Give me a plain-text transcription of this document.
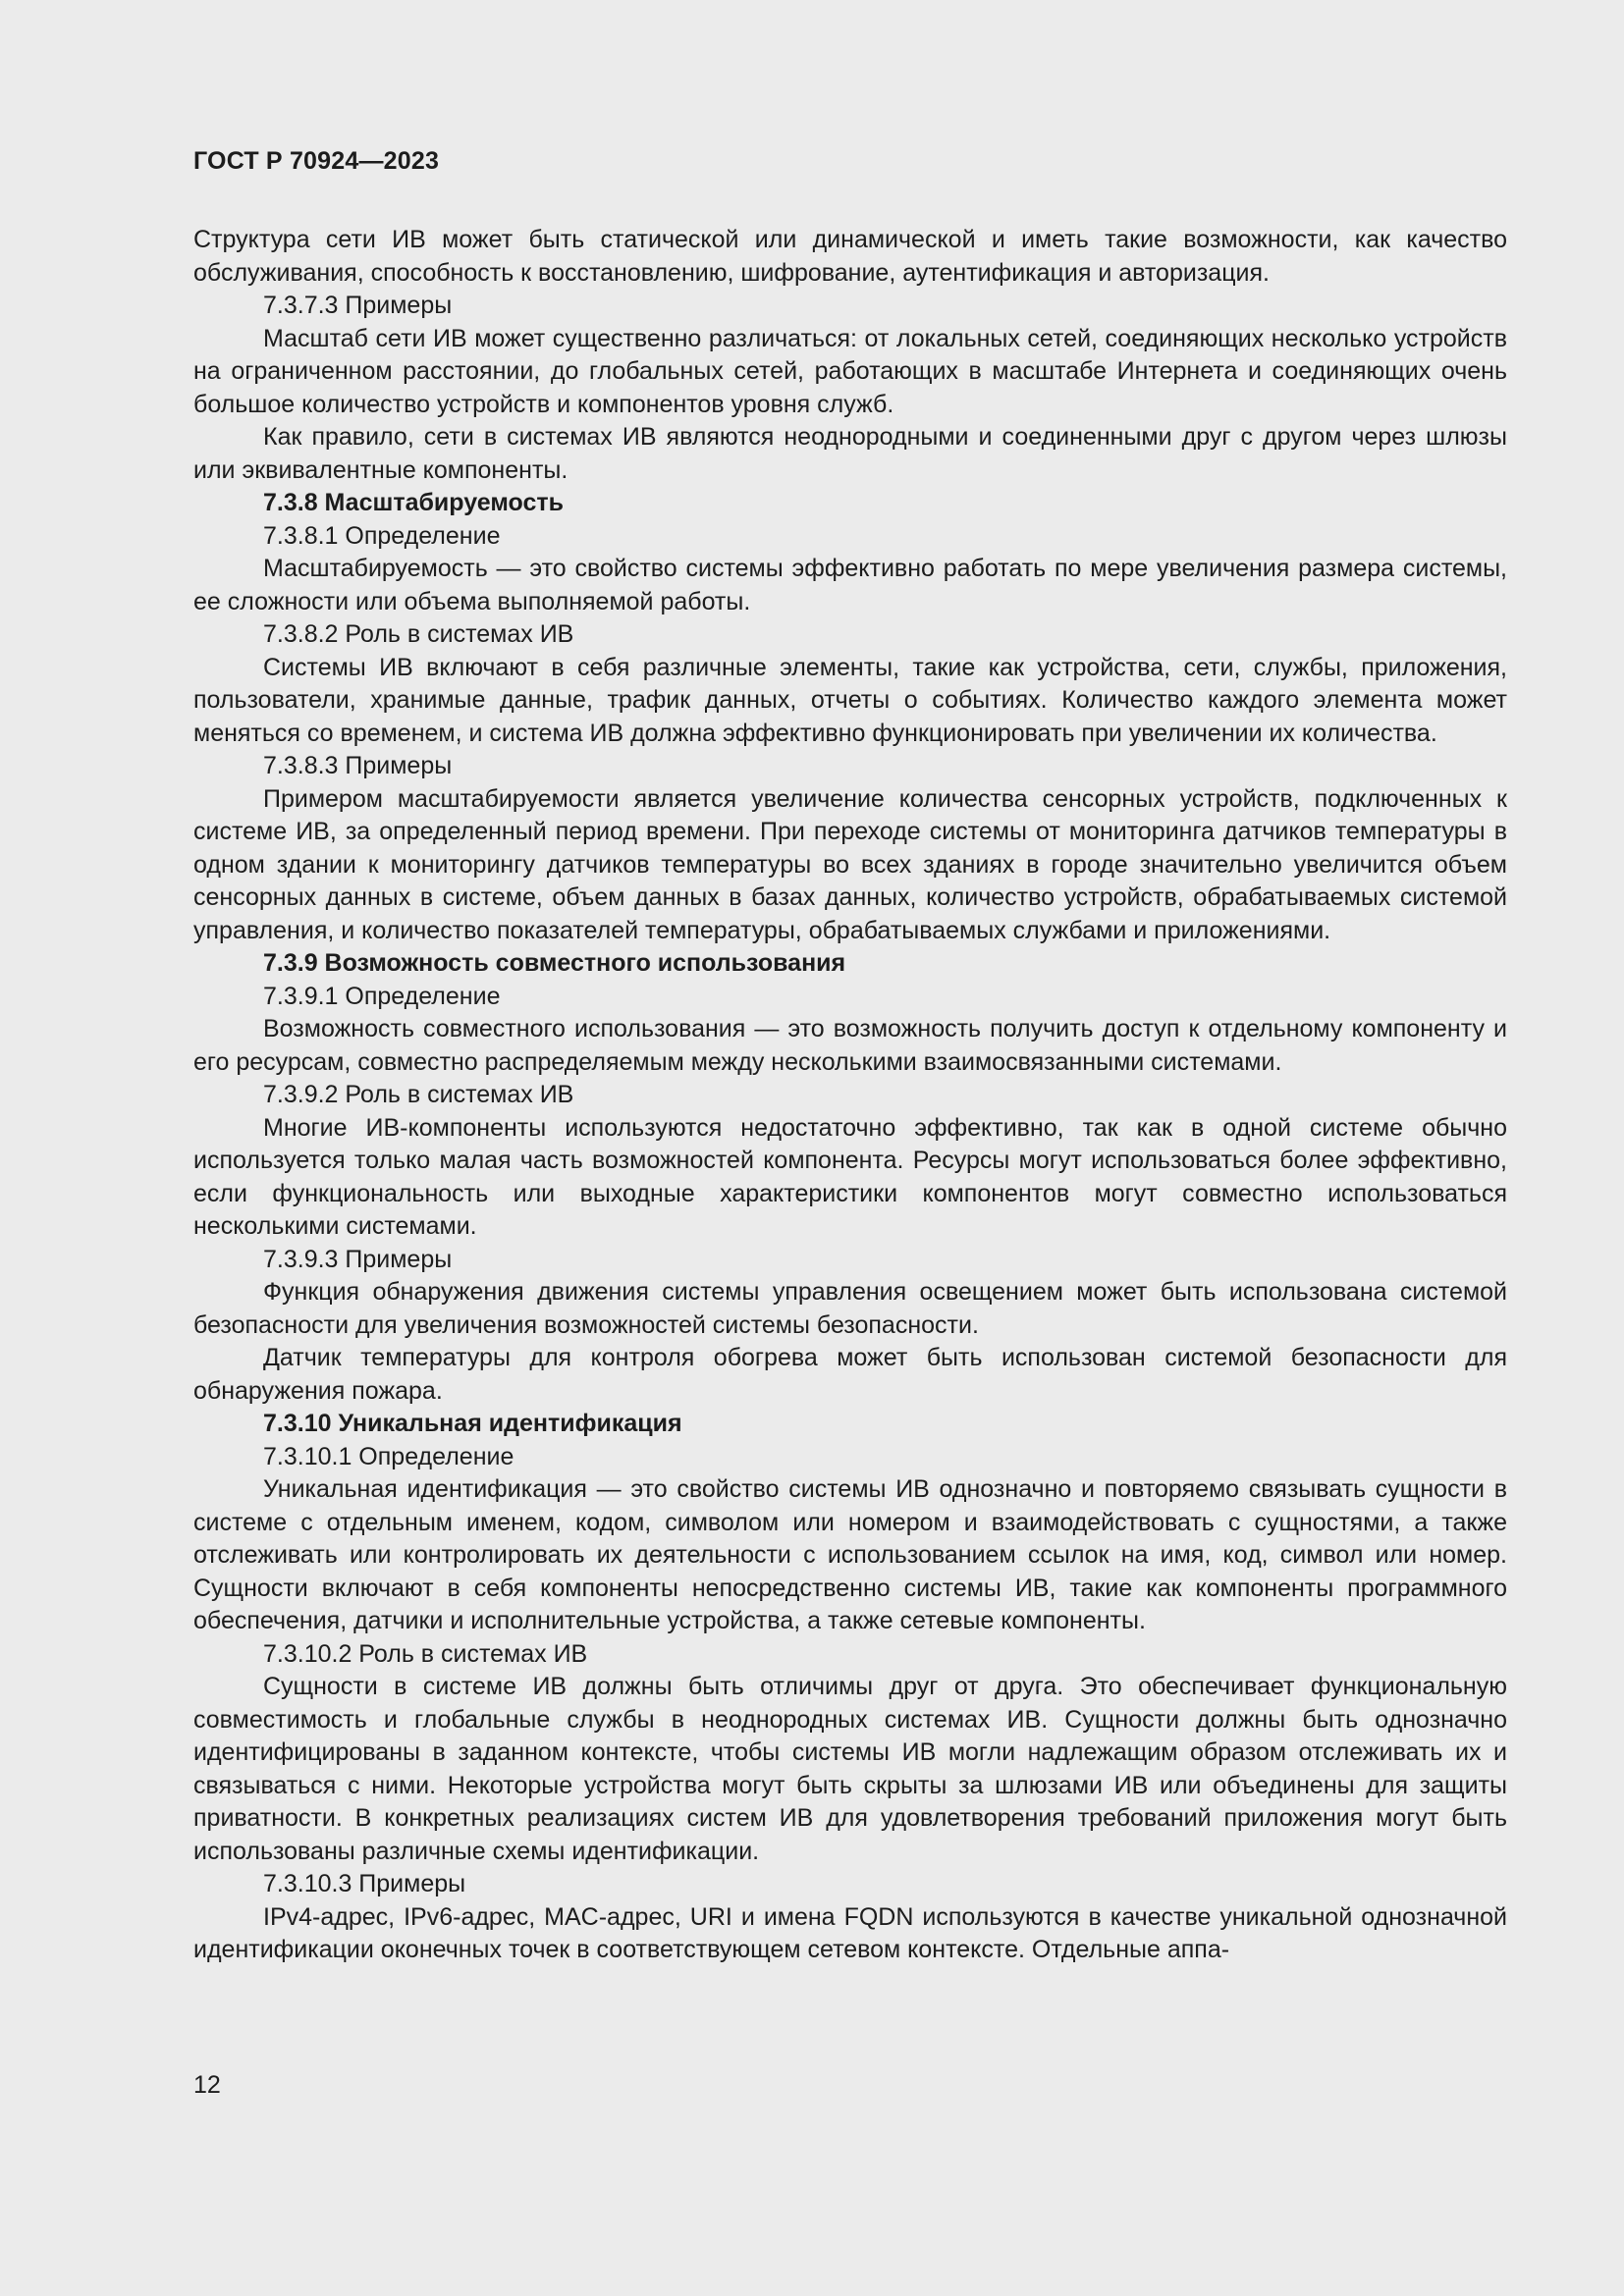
ГОСТ Р 70924—2023

Структура сети ИВ может быть статической или динамической и иметь такие возможности, как качество обслуживания, способность к восстановлению, шифрование, аутентификация и авторизация.

7.3.7.3 Примеры

Масштаб сети ИВ может существенно различаться: от локальных сетей, соединяющих несколько устройств на ограниченном расстоянии, до глобальных сетей, работающих в масштабе Интернета и соединяющих очень большое количество устройств и компонентов уровня служб.

Как правило, сети в системах ИВ являются неоднородными и соединенными друг с другом через шлюзы или эквивалентные компоненты.

7.3.8 Масштабируемость

7.3.8.1 Определение

Масштабируемость — это свойство системы эффективно работать по мере увеличения размера системы, ее сложности или объема выполняемой работы.

7.3.8.2 Роль в системах ИВ

Системы ИВ включают в себя различные элементы, такие как устройства, сети, службы, приложения, пользователи, хранимые данные, трафик данных, отчеты о событиях. Количество каждого элемента может меняться со временем, и система ИВ должна эффективно функционировать при увеличении их количества.

7.3.8.3 Примеры

Примером масштабируемости является увеличение количества сенсорных устройств, подключенных к системе ИВ, за определенный период времени. При переходе системы от мониторинга датчиков температуры в одном здании к мониторингу датчиков температуры во всех зданиях в городе значительно увеличится объем сенсорных данных в системе, объем данных в базах данных, количество устройств, обрабатываемых системой управления, и количество показателей температуры, обрабатываемых службами и приложениями.

7.3.9 Возможность совместного использования

7.3.9.1 Определение

Возможность совместного использования — это возможность получить доступ к отдельному компоненту и его ресурсам, совместно распределяемым между несколькими взаимосвязанными системами.

7.3.9.2 Роль в системах ИВ

Многие ИВ-компоненты используются недостаточно эффективно, так как в одной системе обычно используется только малая часть возможностей компонента. Ресурсы могут использоваться более эффективно, если функциональность или выходные характеристики компонентов могут совместно использоваться несколькими системами.

7.3.9.3 Примеры

Функция обнаружения движения системы управления освещением может быть использована системой безопасности для увеличения возможностей системы безопасности.

Датчик температуры для контроля обогрева может быть использован системой безопасности для обнаружения пожара.

7.3.10 Уникальная идентификация

7.3.10.1 Определение

Уникальная идентификация — это свойство системы ИВ однозначно и повторяемо связывать сущности в системе с отдельным именем, кодом, символом или номером и взаимодействовать с сущностями, а также отслеживать или контролировать их деятельности с использованием ссылок на имя, код, символ или номер. Сущности включают в себя компоненты непосредственно системы ИВ, такие как компоненты программного обеспечения, датчики и исполнительные устройства, а также сетевые компоненты.

7.3.10.2 Роль в системах ИВ

Сущности в системе ИВ должны быть отличимы друг от друга. Это обеспечивает функциональную совместимость и глобальные службы в неоднородных системах ИВ. Сущности должны быть однозначно идентифицированы в заданном контексте, чтобы системы ИВ могли надлежащим образом отслеживать их и связываться с ними. Некоторые устройства могут быть скрыты за шлюзами ИВ или объединены для защиты приватности. В конкретных реализациях систем ИВ для удовлетворения требований приложения могут быть использованы различные схемы идентификации.

7.3.10.3 Примеры

IPv4-адрес, IPv6-адрес, MAC-адрес, URI и имена FQDN используются в качестве уникальной однозначной идентификации оконечных точек в соответствующем сетевом контексте. Отдельные аппа-

12
